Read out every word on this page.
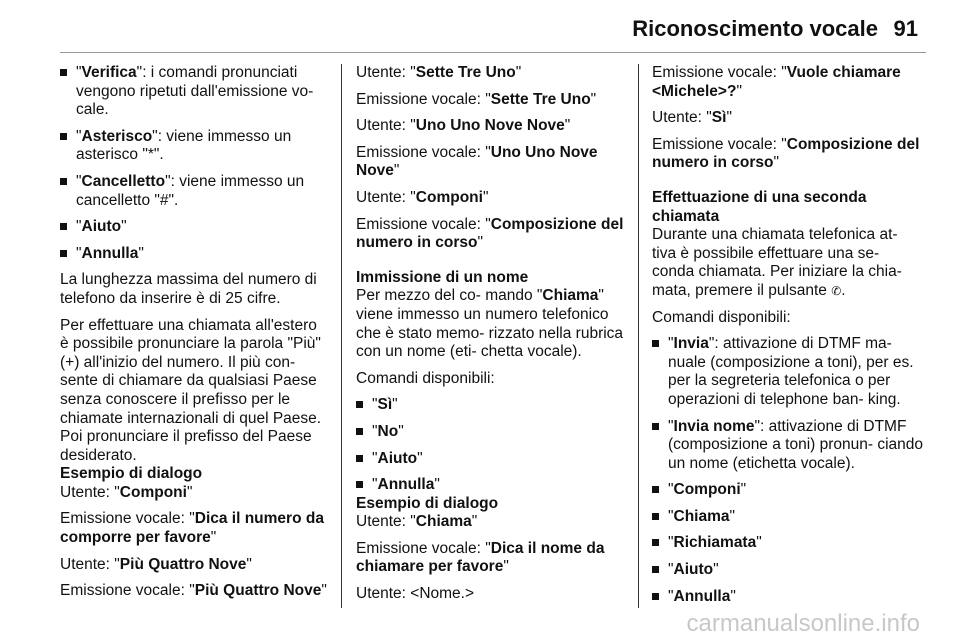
Riconoscimento vocale 91
"Verifica": i comandi pronunciati vengono ripetuti dall'emissione vo- cale.
"Asterisco": viene immesso un asterisco "*".
"Cancelletto": viene immesso un cancelletto "#".
"Aiuto"
"Annulla"

La lunghezza massima del numero di telefono da inserire è di 25 cifre.

Per effettuare una chiamata all'estero è possibile pronunciare la parola "Più" (+) all'inizio del numero. Il più con- sente di chiamare da qualsiasi Paese senza conoscere il prefisso per le chiamate internazionali di quel Paese. Poi pronunciare il prefisso del Paese desiderato.

Esempio di dialogo

Utente: "Componi"

Emissione vocale: "Dica il numero da comporre per favore"

Utente: "Più Quattro Nove"

Emissione vocale: "Più Quattro Nove"

Utente: "Sette Tre Uno"

Emissione vocale: "Sette Tre Uno"

Utente: "Uno Uno Nove Nove"

Emissione vocale: "Uno Uno Nove Nove"

Utente: "Componi"

Emissione vocale: "Composizione del numero in corso"

Immissione di un nome

Per mezzo del co- mando "Chiama" viene immesso un numero telefonico che è stato memo- rizzato nella rubrica con un nome (eti- chetta vocale).

Comandi disponibili:

"Sì"
"No"
"Aiuto"
"Annulla"
Esempio di dialogo

Utente: "Chiama"

Emissione vocale: "Dica il nome da chiamare per favore"

Utente: <Nome.>

Emissione vocale: "Vuole chiamare <Michele>?"

Utente: "Sì"

Emissione vocale: "Composizione del numero in corso"

Effettuazione di una seconda chiamata

Durante una chiamata telefonica at- tiva è possibile effettuare una se- conda chiamata. Per iniziare la chia- mata, premere il pulsante ✆.

Comandi disponibili:

"Invia": attivazione di DTMF ma- nuale (composizione a toni), per es. per la segreteria telefonica o per operazioni di telephone ban- king.
"Invia nome": attivazione di DTMF (composizione a toni) pronun- ciando un nome (etichetta vocale).
"Componi"
"Chiama"
"Richiamata"
"Aiuto"
"Annulla"
carmanualsonline.info
